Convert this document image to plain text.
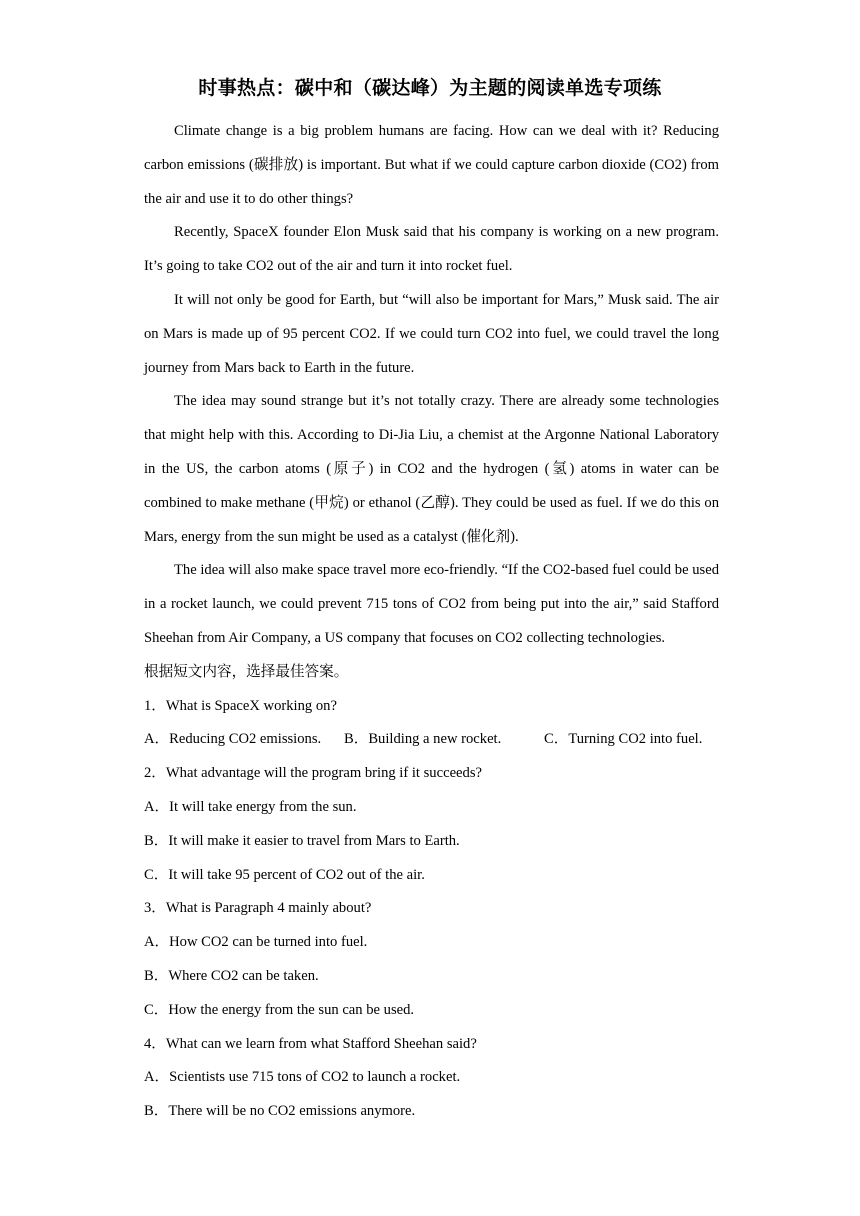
时事热点：碳中和（碳达峰）为主题的阅读单选专项练

Climate change is a big problem humans are facing. How can we deal with it? Reducing carbon emissions (碳排放) is important. But what if we could capture carbon dioxide (CO2) from the air and use it to do other things?

Recently, SpaceX founder Elon Musk said that his company is working on a new program. It’s going to take CO2 out of the air and turn it into rocket fuel.

It will not only be good for Earth, but “will also be important for Mars,” Musk said. The air on Mars is made up of 95 percent CO2. If we could turn CO2 into fuel, we could travel the long journey from Mars back to Earth in the future.

The idea may sound strange but it’s not totally crazy. There are already some technologies that might help with this. According to Di-Jia Liu, a chemist at the Argonne National Laboratory in the US, the carbon atoms (原子) in CO2 and the hydrogen (氢) atoms in water can be combined to make methane (甲烷) or ethanol (乙醇). They could be used as fuel. If we do this on Mars, energy from the sun might be used as a catalyst (催化剂).

The idea will also make space travel more eco-friendly. “If the CO2-based fuel could be used in a rocket launch, we could prevent 715 tons of CO2 from being put into the air,” said Stafford Sheehan from Air Company, a US company that focuses on CO2 collecting technologies.

根据短文内容，选择最佳答案。

1．What is SpaceX working on?

A．Reducing CO2 emissions. B．Building a new rocket.	C．Turning CO2 into fuel.

2．What advantage will the program bring if it succeeds?

A．It will take energy from the sun.

B．It will make it easier to travel from Mars to Earth.

C．It will take 95 percent of CO2 out of the air.

3．What is Paragraph 4 mainly about?

A．How CO2 can be turned into fuel.

B．Where CO2 can be taken.

C．How the energy from the sun can be used.

4．What can we learn from what Stafford Sheehan said?

A．Scientists use 715 tons of CO2 to launch a rocket.

B．There will be no CO2 emissions anymore.
